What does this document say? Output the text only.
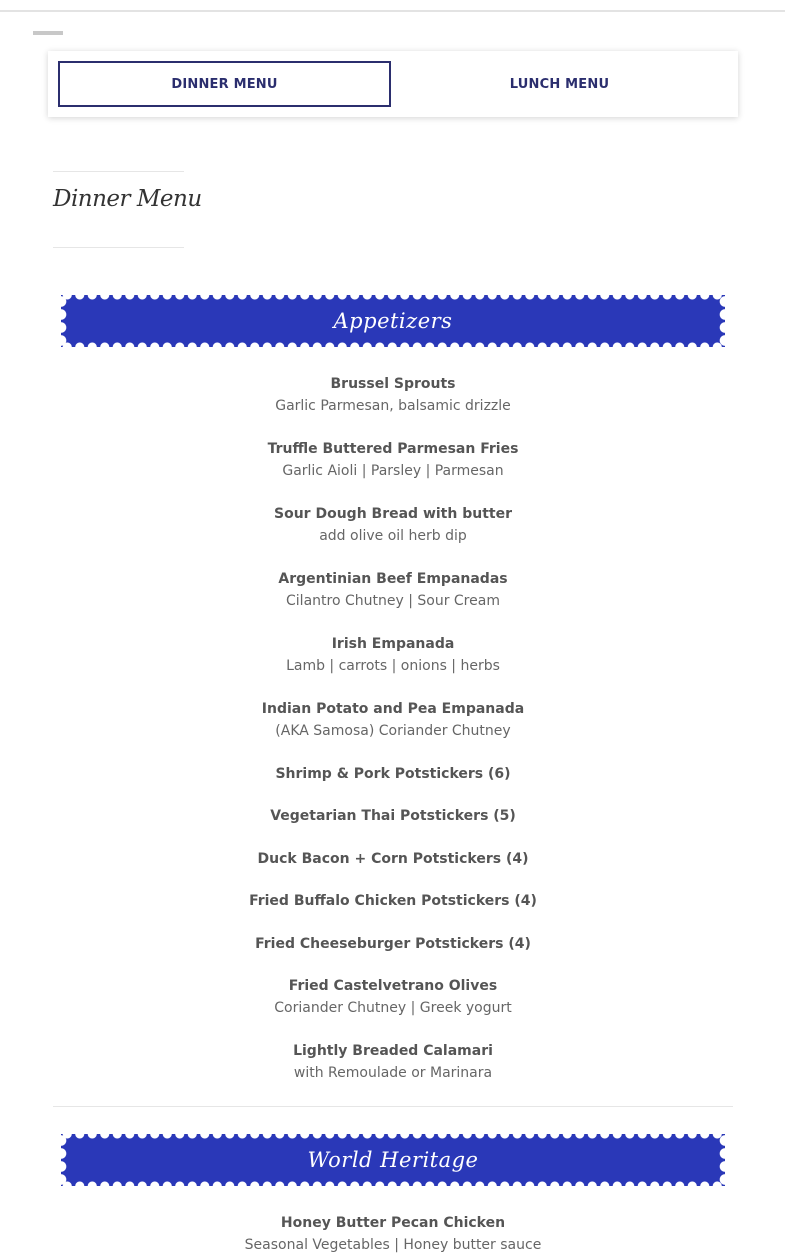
DINNER MENU	LUNCH MENU
Dinner Menu
Appetizers
Brussel Sprouts
Garlic Parmesan, balsamic drizzle
Truffle Buttered Parmesan Fries
Garlic Aioli | Parsley | Parmesan
Sour Dough Bread with butter
add olive oil herb dip
Argentinian Beef Empanadas
Cilantro Chutney | Sour Cream
Irish Empanada
Lamb | carrots | onions | herbs
Indian Potato and Pea Empanada
(AKA Samosa) Coriander Chutney
Shrimp & Pork Potstickers (6)
Vegetarian Thai Potstickers (5)
Duck Bacon + Corn Potstickers (4)
Fried Buffalo Chicken Potstickers (4)
Fried Cheeseburger Potstickers (4)
Fried Castelvetrano Olives
Coriander Chutney | Greek yogurt
Lightly Breaded Calamari
with Remoulade or Marinara
World Heritage
Honey Butter Pecan Chicken
Seasonal Vegetables | Honey butter sauce
